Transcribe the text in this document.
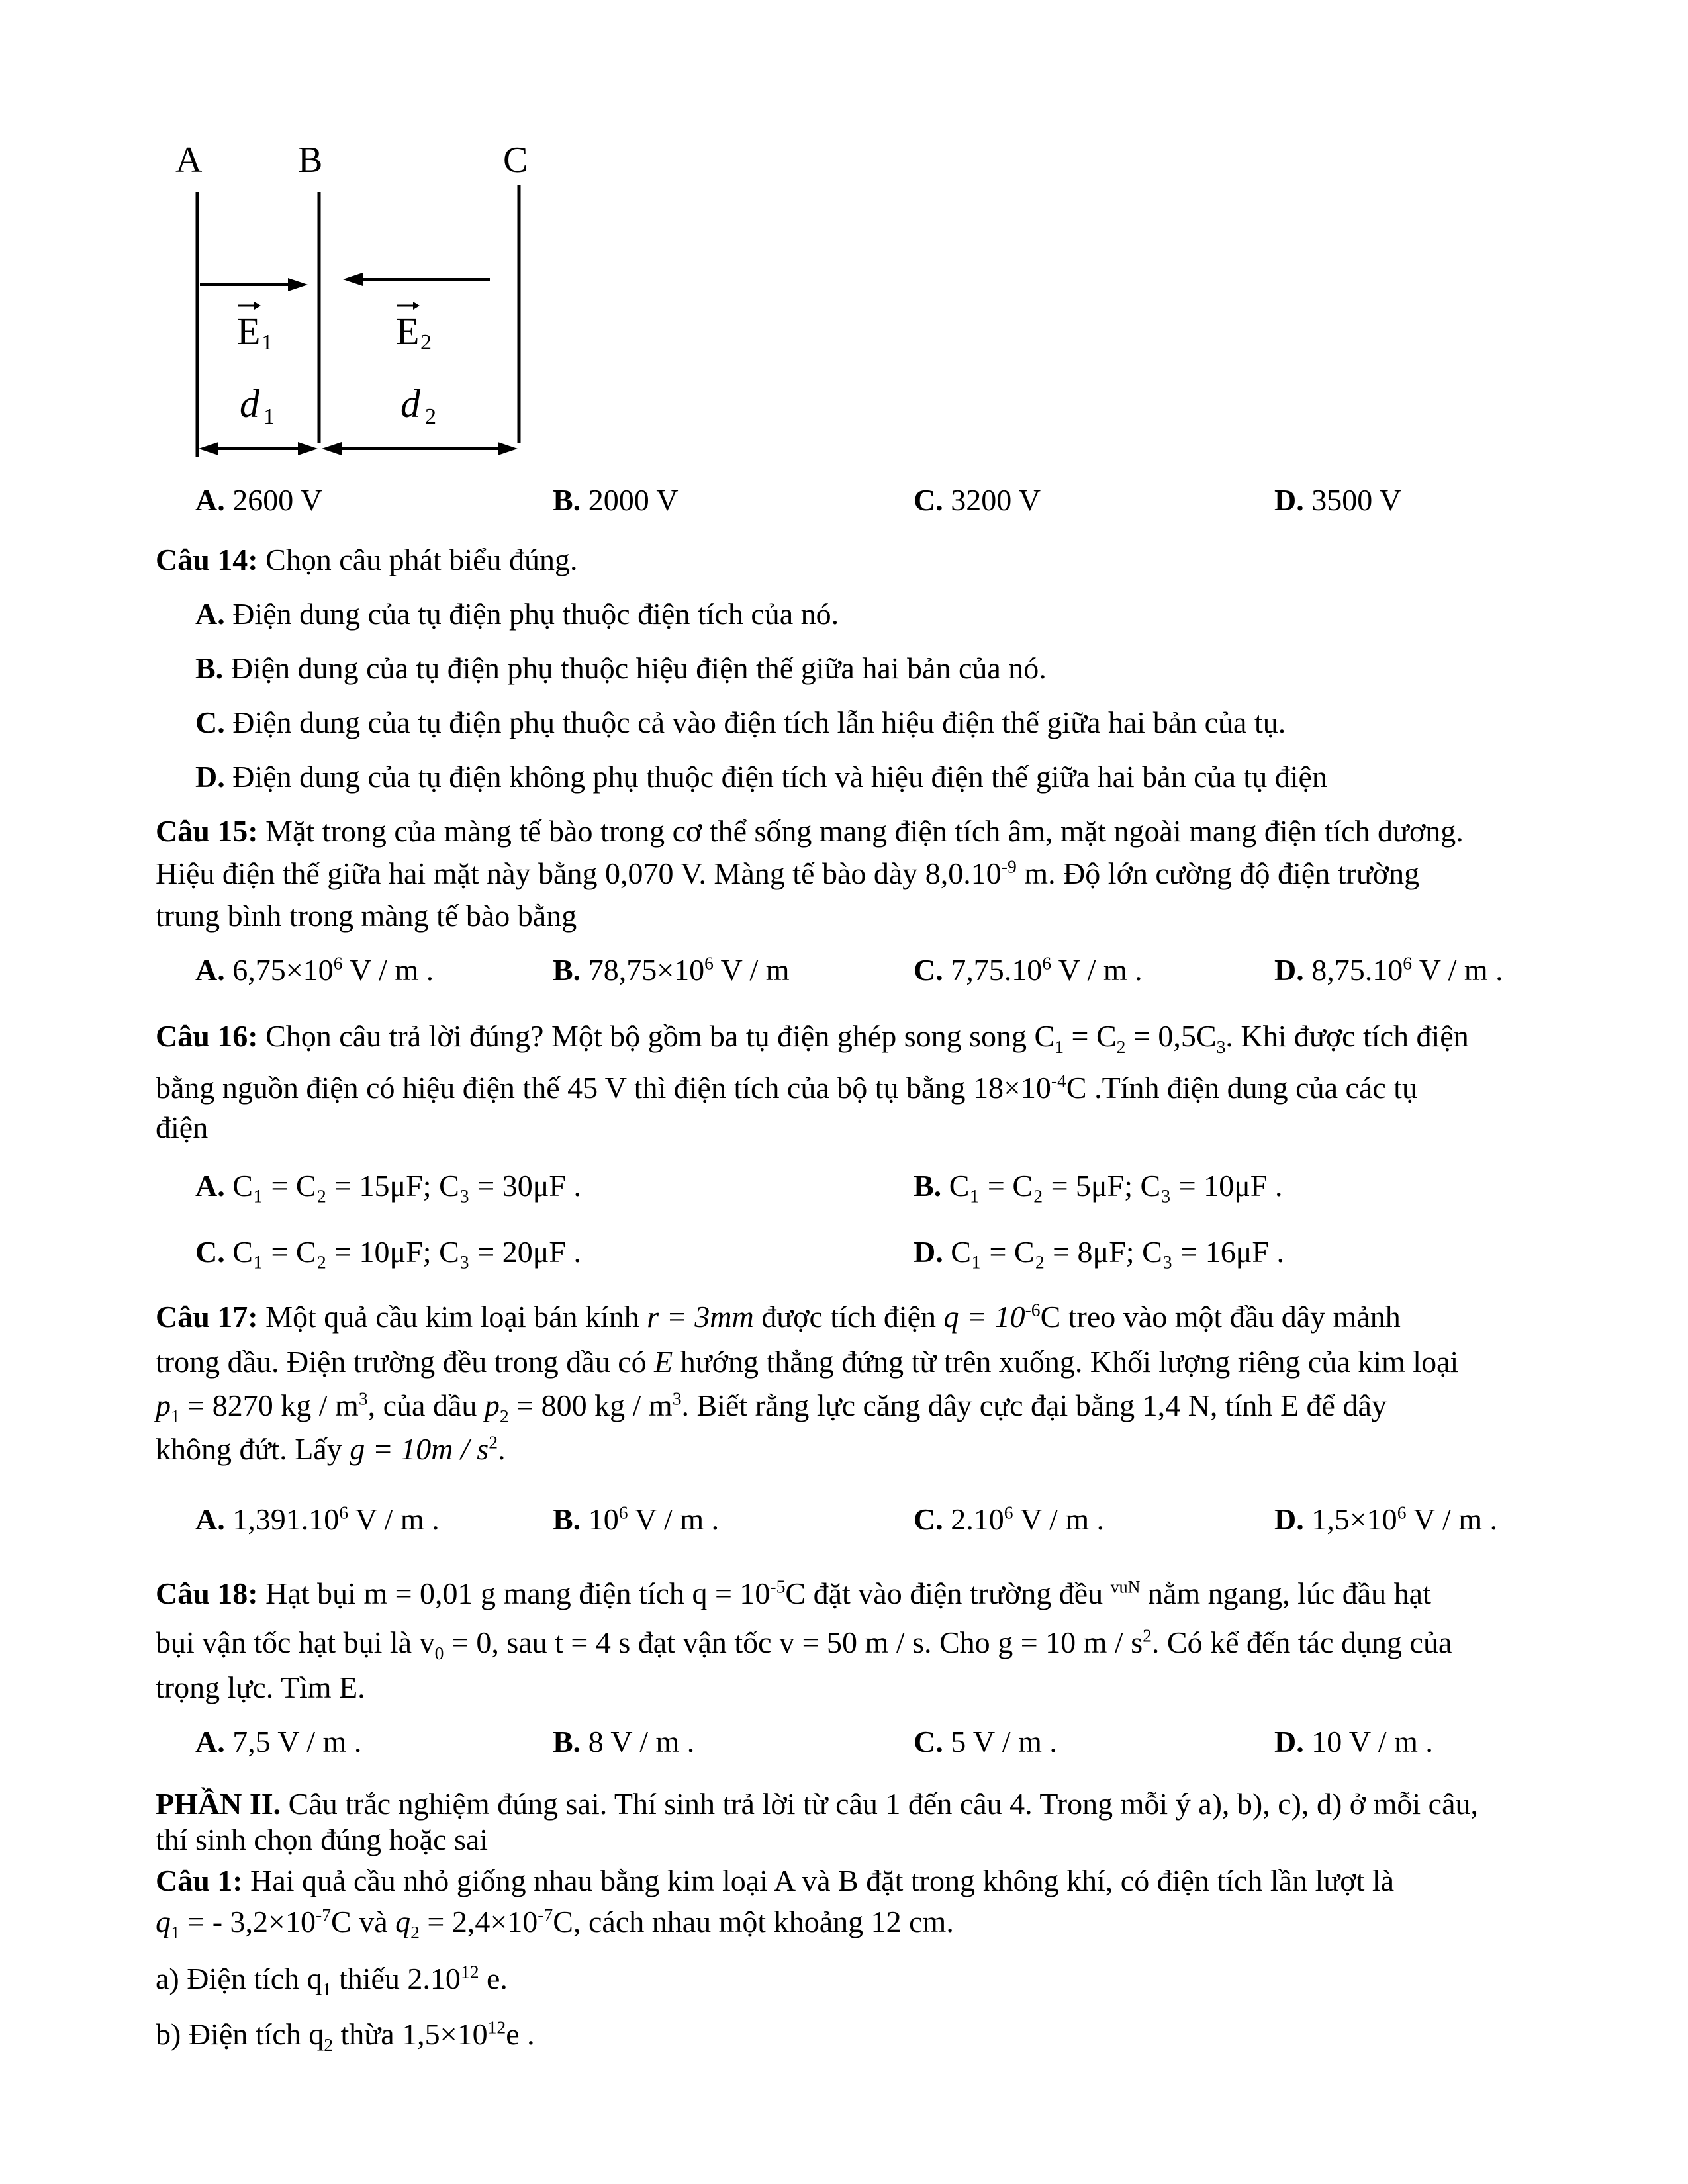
A	B	C
E 1	E 2
d 1	d 2
A. 2600 V	B. 2000 V	C. 3200 V	D. 3500 V
Câu 14: Chọn câu phát biểu đúng.
A. Điện dung của tụ điện phụ thuộc điện tích của nó.
B. Điện dung của tụ điện phụ thuộc hiệu điện thế giữa hai bản của nó.
C. Điện dung của tụ điện phụ thuộc cả vào điện tích lẫn hiệu điện thế giữa hai bản của tụ.
D. Điện dung của tụ điện không phụ thuộc điện tích và hiệu điện thế giữa hai bản của tụ điện
Câu 15: Mặt trong của màng tế bào trong cơ thể sống mang điện tích âm, mặt ngoài mang điện tích dương.
Hiệu điện thế giữa hai mặt này bằng 0,070 V. Màng tế bào dày $8,0.10^{-9}$ m. Độ lớn cường độ điện trường
trung bình trong màng tế bào bằng
A. $6,75\times 10^6$ V / m .	B. $78,75\times 10^6$ V / m	C. 7,75.10$^6$ V / m .	D. 8,75.10$^6$ V / m .
Câu 16: Chọn câu trả lời đúng? Một bộ gồm ba tụ điện ghép song song $C_1 = C_2 = 0,5C_3$. Khi được tích điện
bằng nguồn điện có hiệu điện thế 45 V thì điện tích của bộ tụ bằng $18\times 10^{-4}C$ .Tính điện dung của các tụ
điện
A. C₁ = C₂ = 15μF; C₃ = 30μF .	B. C₁ = C₂ = 5μF; C₃ = 10μF .
C. C₁ = C₂ = 10μF; C₃ = 20μF .	D. C₁ = C₂ = 8μF; C₃ = 16μF .
Câu 17: Một quả cầu kim loại bán kính r = 3mm được tích điện $q = 10^{-6}C$ treo vào một đầu dây mảnh
trong dầu. Điện trường đều trong dầu có E hướng thẳng đứng từ trên xuống. Khối lượng riêng của kim loại
$p_1 = 8270$ kg / $m^3$, của dầu $p_2 = 800$ kg / $m^3$. Biết rằng lực căng dây cực đại bằng 1,4 N, tính E để dây
không đứt. Lấy $g = 10m / s^2$.
A. 1,391.10$^6$ V / m .	B. $10^6$ V / m .	C. 2.10$^6$ V / m .	D. $1,5\times 10^6$ V / m .
Câu 18: Hạt bụi m = 0,01 g mang điện tích $q = 10^{-5}C$ đặt vào điện trường đều $^{vuN}$ nằm ngang, lúc đầu hạt
bụi vận tốc hạt bụi là $v_0 = 0$, sau t = 4 s đạt vận tốc v = 50 m / s. Cho g = 10 m / $s^2$. Có kể đến tác dụng của
trọng lực. Tìm E.
A. 7,5 V / m .	B. 8 V / m .	C. 5 V / m .	D. 10 V / m .
PHẦN II. Câu trắc nghiệm đúng sai. Thí sinh trả lời từ câu 1 đến câu 4. Trong mỗi ý a), b), c), d) ở mỗi câu,
thí sinh chọn đúng hoặc sai
Câu 1: Hai quả cầu nhỏ giống nhau bằng kim loại A và B đặt trong không khí, có điện tích lần lượt là
$q_1$ = - $3,2\times 10^{-7}C$ và $q_2 = 2,4\times 10^{-7}C$, cách nhau một khoảng 12 cm.
a) Điện tích $q_1$ thiếu 2.10$^{12}$ e.
b) Điện tích $q_2$ thừa $1,5\times 10^{12}e$ .
